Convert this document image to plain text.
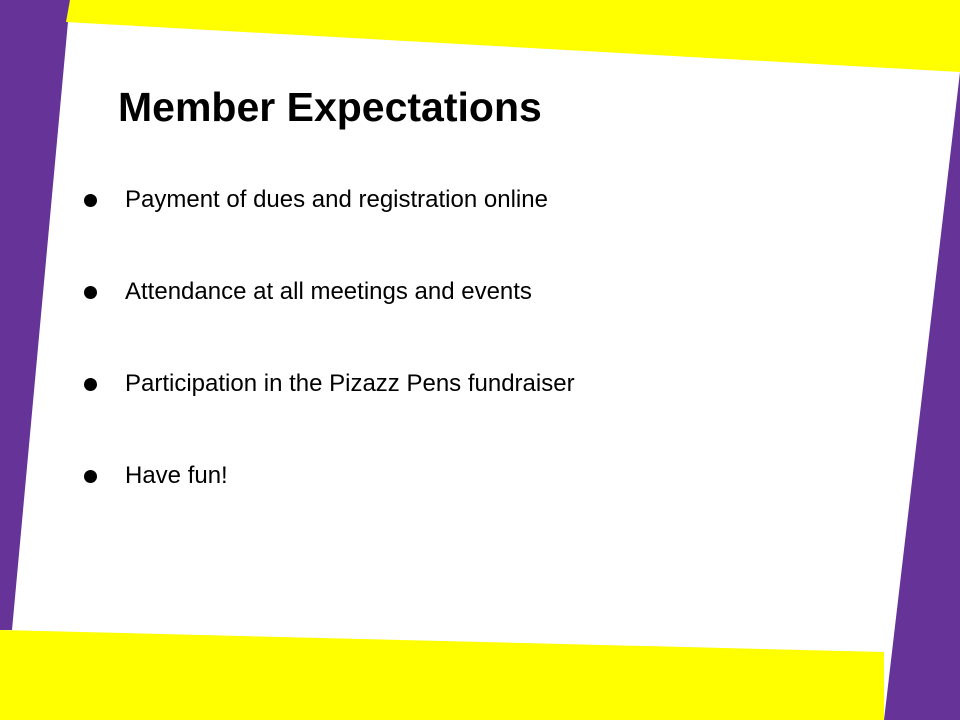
Member Expectations
Payment of dues and registration online
Attendance at all meetings and events
Participation in the Pizazz Pens fundraiser
Have fun!
